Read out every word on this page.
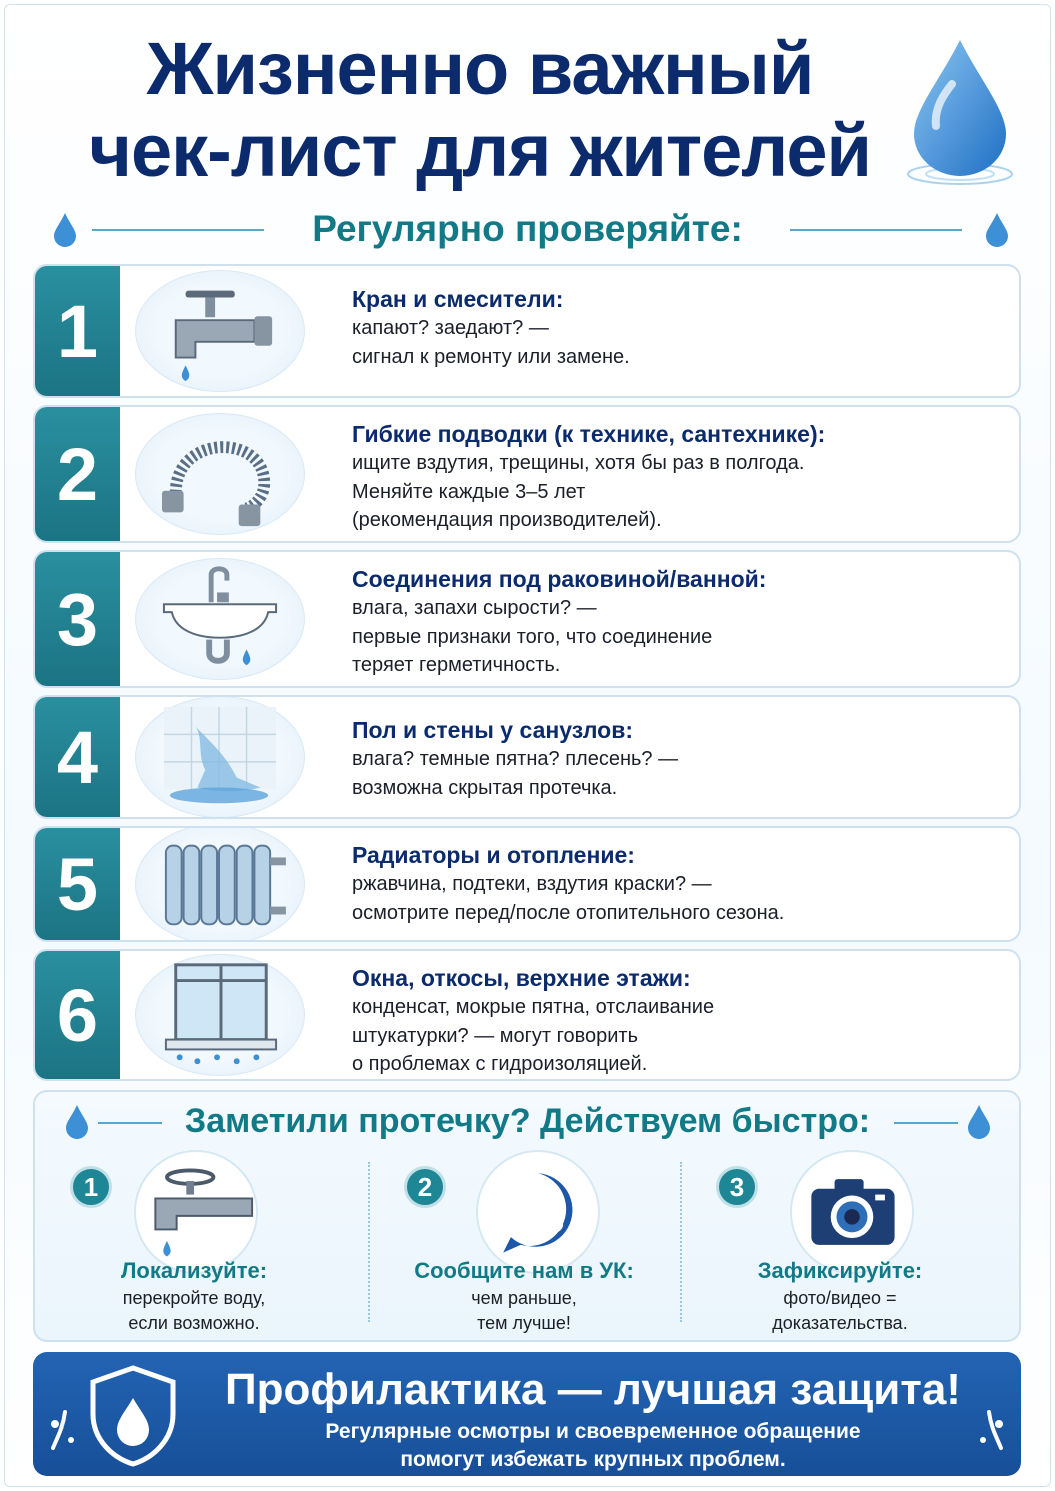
Жизненно важный
чек-лист для жителей
Регулярно проверяйте:
1	Кран и смесители:
капают? заедают? —
сигнал к ремонту или замене.
2	Гибкие подводки (к технике, сантехнике):
ищите вздутия, трещины, хотя бы раз в полгода.
Меняйте каждые 3–5 лет
(рекомендация производителей).
3	Соединения под раковиной/ванной:
влага, запахи сырости? —
первые признаки того, что соединение
теряет герметичность.
4	Пол и стены у санузлов:
влага? темные пятна? плесень? —
возможна скрытая протечка.
5	Радиаторы и отопление:
ржавчина, подтеки, вздутия краски? —
осмотрите перед/после отопительного сезона.
6	Окна, откосы, верхние этажи:
конденсат, мокрые пятна, отслаивание
штукатурки? — могут говорить
о проблемах с гидроизоляцией.
Заметили протечку? Действуем быстро:
1
Локализуйте:
перекройте воду,
если возможно.
2
Сообщите нам в УК:
чем раньше,
тем лучше!
3
Зафиксируйте:
фото/видео =
доказательства.
Профилактика — лучшая защита!
Регулярные осмотры и своевременное обращение
помогут избежать крупных проблем.
